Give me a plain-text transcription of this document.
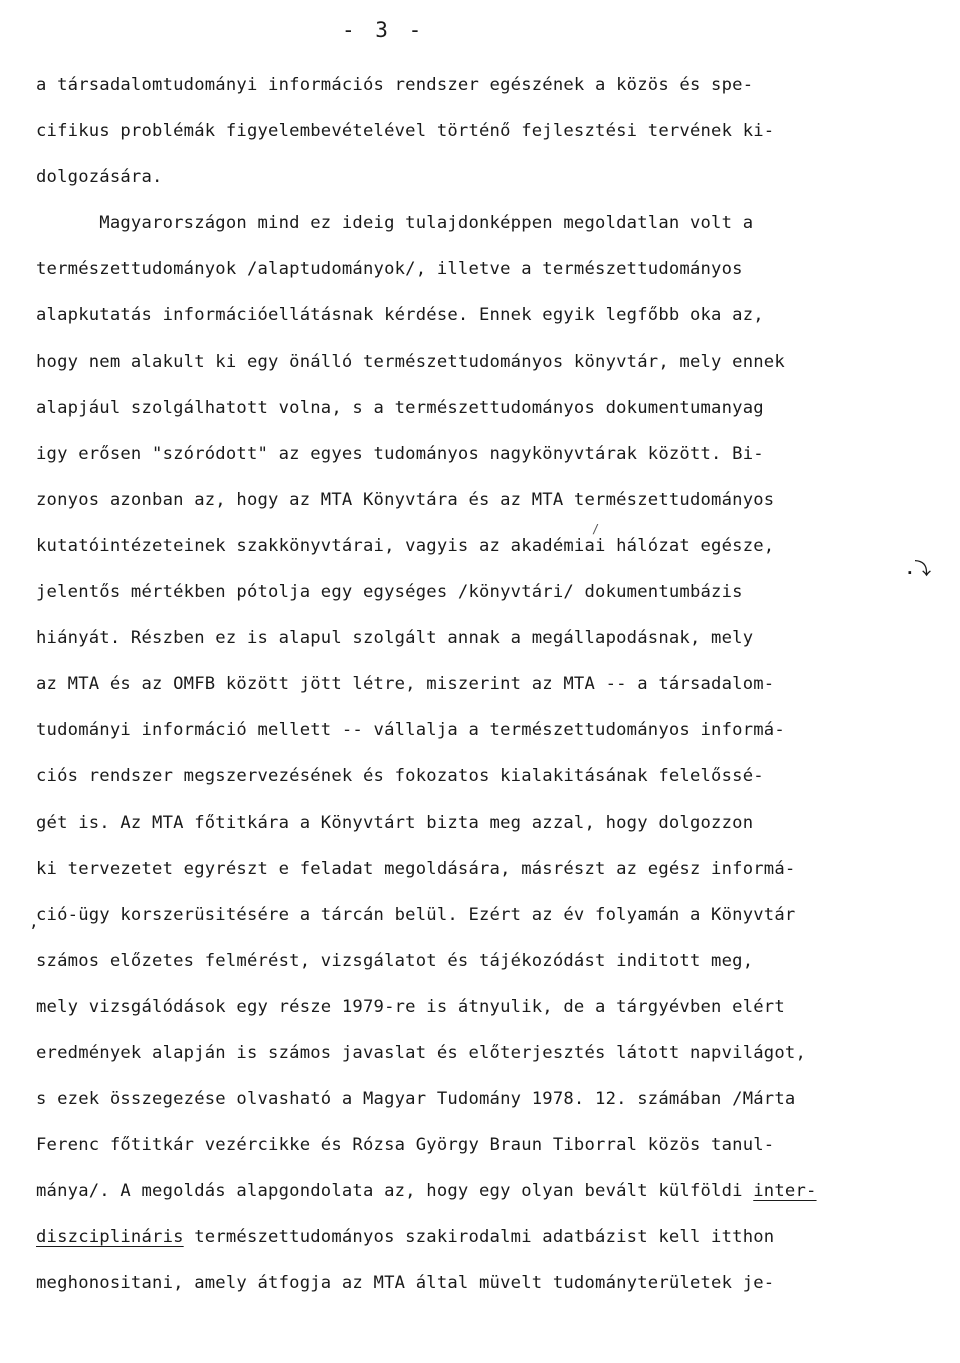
- 3 -
a társadalomtudományi információs rendszer egészének a közös és spe-
cifikus problémák figyelembevételével történő fejlesztési tervének ki-
dolgozására.
Magyarországon mind ez ideig tulajdonképpen megoldatlan volt a
természettudományok /alaptudományok/, illetve a természettudományos
alapkutatás információellátásnak kérdése. Ennek egyik legfőbb oka az,
hogy nem alakult ki egy önálló természettudományos könyvtár, mely ennek
alapjául szolgálhatott volna, s a természettudományos dokumentumanyag
igy erősen "szóródott" az egyes tudományos nagykönyvtárak között. Bi-
zonyos azonban az, hogy az MTA Könyvtára és az MTA természettudományos
kutatóintézeteinek szakkönyvtárai, vagyis az akadémiai hálózat egésze,
jelentős mértékben pótolja egy egységes /könyvtári/ dokumentumbázis
hiányát. Részben ez is alapul szolgált annak a megállapodásnak, mely
az MTA és az OMFB között jött létre, miszerint az MTA -- a társadalom-
tudományi információ mellett -- vállalja a természettudományos informá-
ciós rendszer megszervezésének és fokozatos kialakitásának felelőssé-
gét is. Az MTA főtitkára a Könyvtárt bizta meg azzal, hogy dolgozzon
ki tervezetet egyrészt e feladat megoldására, másrészt az egész informá-
ció-ügy korszerüsitésére a tárcán belül. Ezért az év folyamán a Könyvtár
számos előzetes felmérést, vizsgálatot és tájékozódást inditott meg,
mely vizsgálódások egy része 1979-re is átnyulik, de a tárgyévben elért
eredmények alapján is számos javaslat és előterjesztés látott napvilágot,
s ezek összegezése olvasható a Magyar Tudomány 1978. 12. számában /Márta
Ferenc főtitkár vezércikke és Rózsa György Braun Tiborral közös tanul-
mánya/. A megoldás alapgondolata az, hogy egy olyan bevált külföldi inter-
diszciplináris természettudományos szakirodalmi adatbázist kell itthon
meghonositani, amely átfogja az MTA által müvelt tudományterületek je-
.⤵
,
/
